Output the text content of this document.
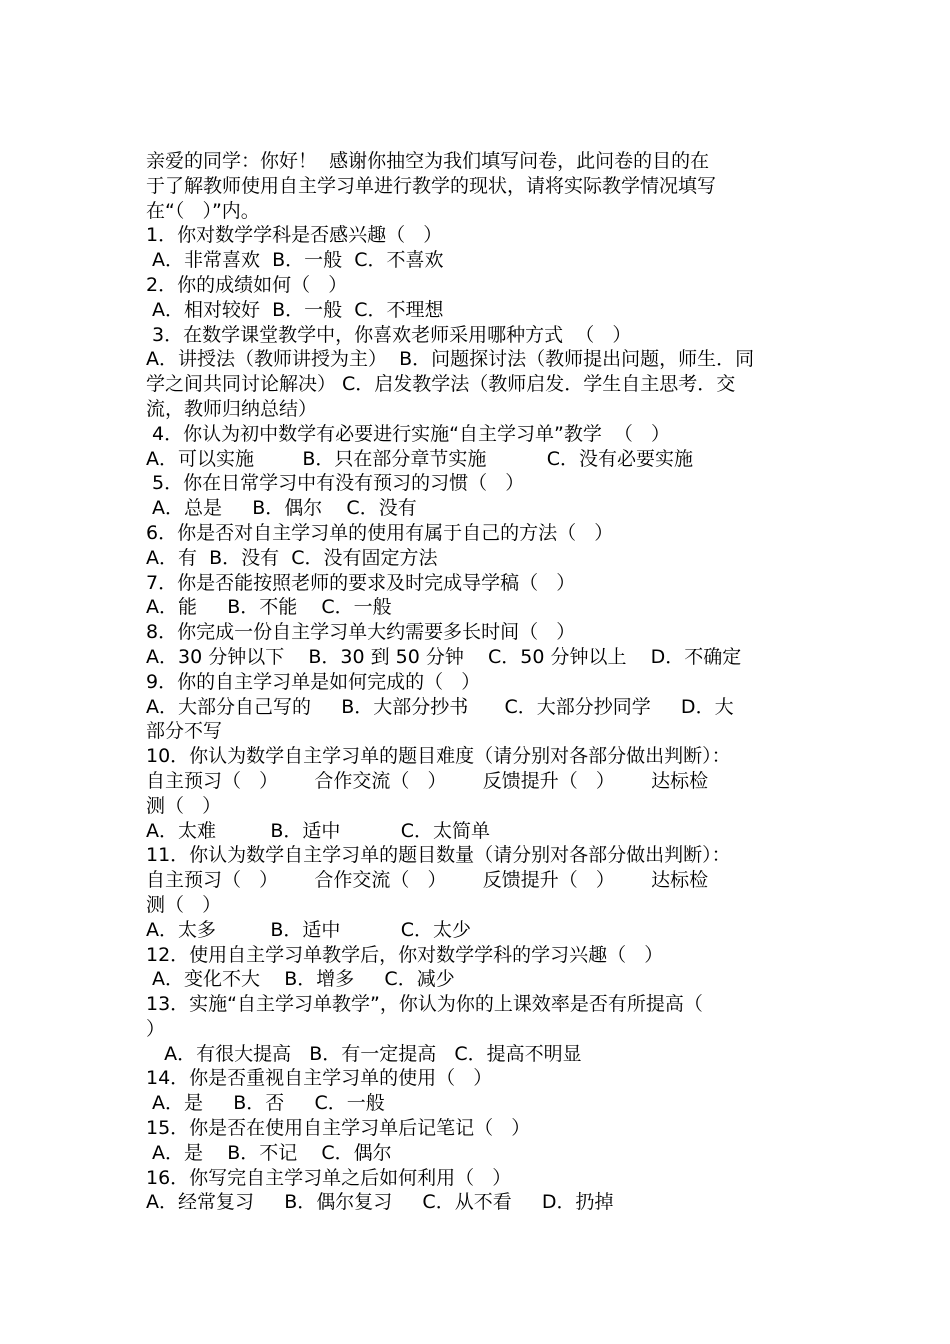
亲爱的同学：你好！  感谢你抽空为我们填写问卷，此问卷的目的在
于了解教师使用自主学习单进行教学的现状，请将实际教学情况填写
在“（   ）”内。
1．你对数学学科是否感兴趣（   ）
A．非常喜欢  B．一般  C．不喜欢
2．你的成绩如何（   ）
A．相对较好  B．一般  C．不理想
3．在数学课堂教学中，你喜欢老师采用哪种方式  （   ）
A．讲授法（教师讲授为主）  B．问题探讨法（教师提出问题，师生．同
学之间共同讨论解决） C．启发教学法（教师启发．学生自主思考．交
流，教师归纳总结）
4．你认为初中数学有必要进行实施“自主学习单”教学  （   ）
A．可以实施        B．只在部分章节实施          C．没有必要实施
5．你在日常学习中有没有预习的习惯（   ）
A．总是     B．偶尔    C．没有
6．你是否对自主学习单的使用有属于自己的方法（   ）
A．有  B．没有  C．没有固定方法
7．你是否能按照老师的要求及时完成导学稿（   ）
A．能     B．不能    C．一般
8．你完成一份自主学习单大约需要多长时间（   ）
A．30 分钟以下    B．30 到 50 分钟    C．50 分钟以上    D．不确定
9．你的自主学习单是如何完成的（   ）
A．大部分自己写的     B．大部分抄书      C．大部分抄同学     D．大
部分不写
10．你认为数学自主学习单的题目难度（请分别对各部分做出判断）：
自主预习（   ）      合作交流（   ）      反馈提升（   ）      达标检
测（   ）
A．太难         B．适中          C．太简单
11．你认为数学自主学习单的题目数量（请分别对各部分做出判断）：
自主预习（   ）      合作交流（   ）      反馈提升（   ）      达标检
测（   ）
A．太多         B．适中          C．太少
12．使用自主学习单教学后，你对数学学科的学习兴趣（   ）
A．变化不大    B．增多     C．减少
13．实施“自主学习单教学”，你认为你的上课效率是否有所提高（
）
A．有很大提高   B．有一定提高   C．提高不明显
14．你是否重视自主学习单的使用（   ）
A．是     B．否     C．一般
15．你是否在使用自主学习单后记笔记（   ）
A．是    B．不记    C．偶尔
16．你写完自主学习单之后如何利用（   ）
A．经常复习     B．偶尔复习     C．从不看     D．扔掉
